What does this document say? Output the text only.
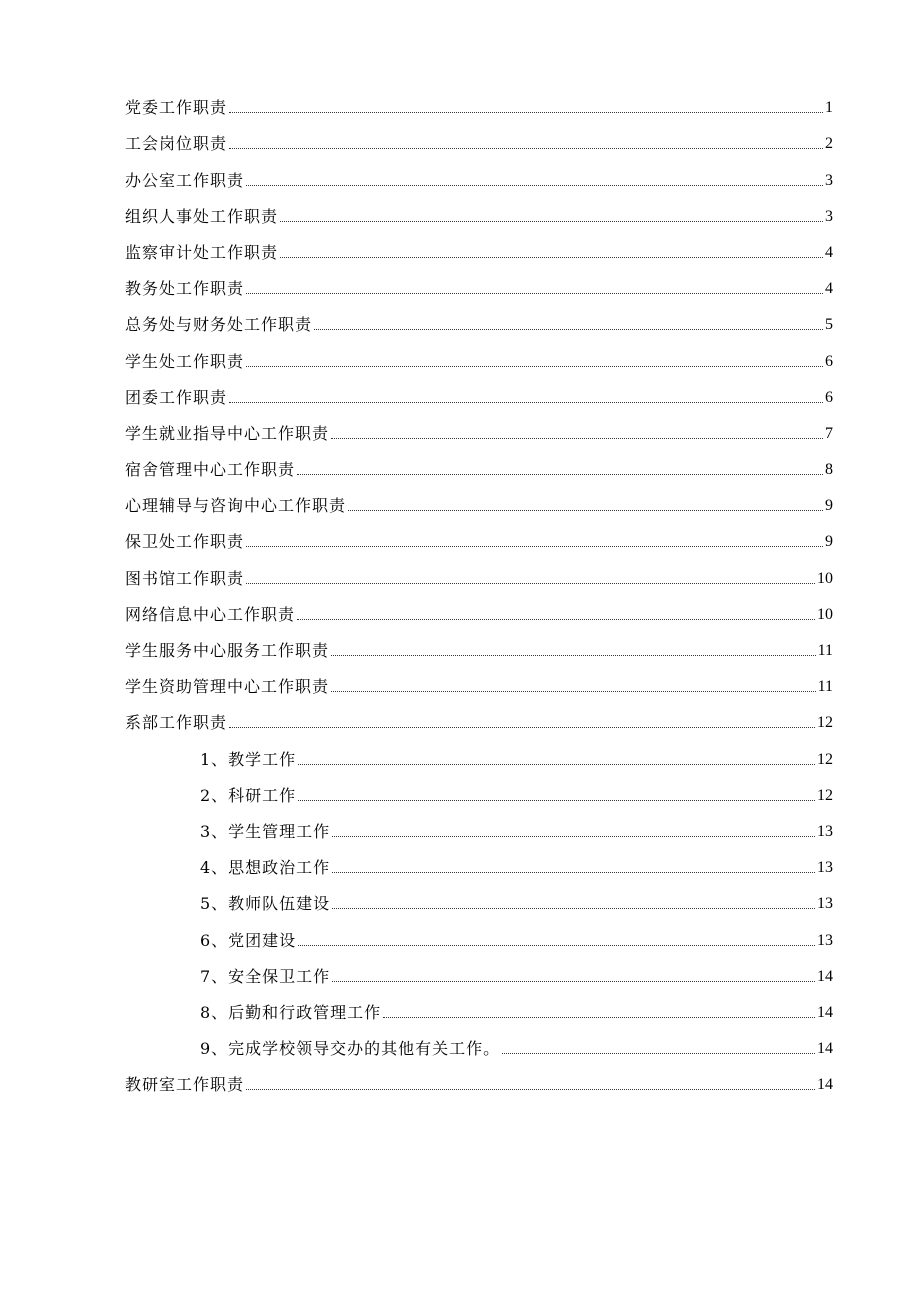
党委工作职责	1
工会岗位职责	2
办公室工作职责	3
组织人事处工作职责	3
监察审计处工作职责	4
教务处工作职责	4
总务处与财务处工作职责	5
学生处工作职责	6
团委工作职责	6
学生就业指导中心工作职责	7
宿舍管理中心工作职责	8
心理辅导与咨询中心工作职责	9
保卫处工作职责	9
图书馆工作职责	10
网络信息中心工作职责	10
学生服务中心服务工作职责	11
学生资助管理中心工作职责	11
系部工作职责	12
1、教学工作	12
2、科研工作	12
3、学生管理工作	13
4、思想政治工作	13
5、教师队伍建设	13
6、党团建设	13
7、安全保卫工作	14
8、后勤和行政管理工作	14
9、完成学校领导交办的其他有关工作。	14
教研室工作职责	14
